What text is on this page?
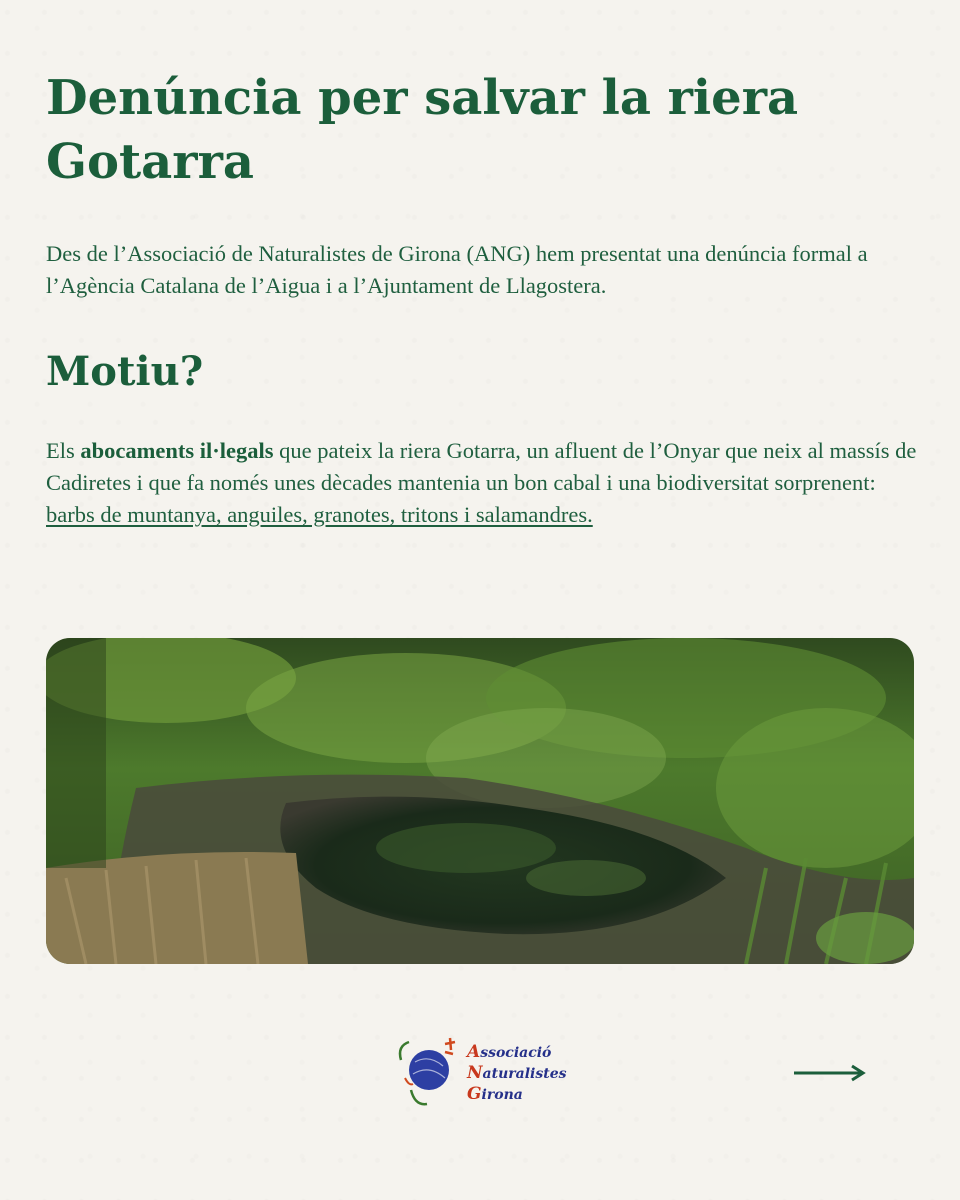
Denúncia per salvar la riera Gotarra

Des de l’Associació de Naturalistes de Girona (ANG) hem presentat una denúncia formal a l’Agència Catalana de l’Aigua i a l’Ajuntament de Llagostera.

Motiu?

Els abocaments il·legals que pateix la riera Gotarra, un afluent de l’Onyar que neix al massís de Cadiretes i que fa només unes dècades mantenia un bon cabal i una biodiversitat sorprenent: barbs de muntanya, anguiles, granotes, tritons i salamandres.

Associació
Naturalistes
Girona
